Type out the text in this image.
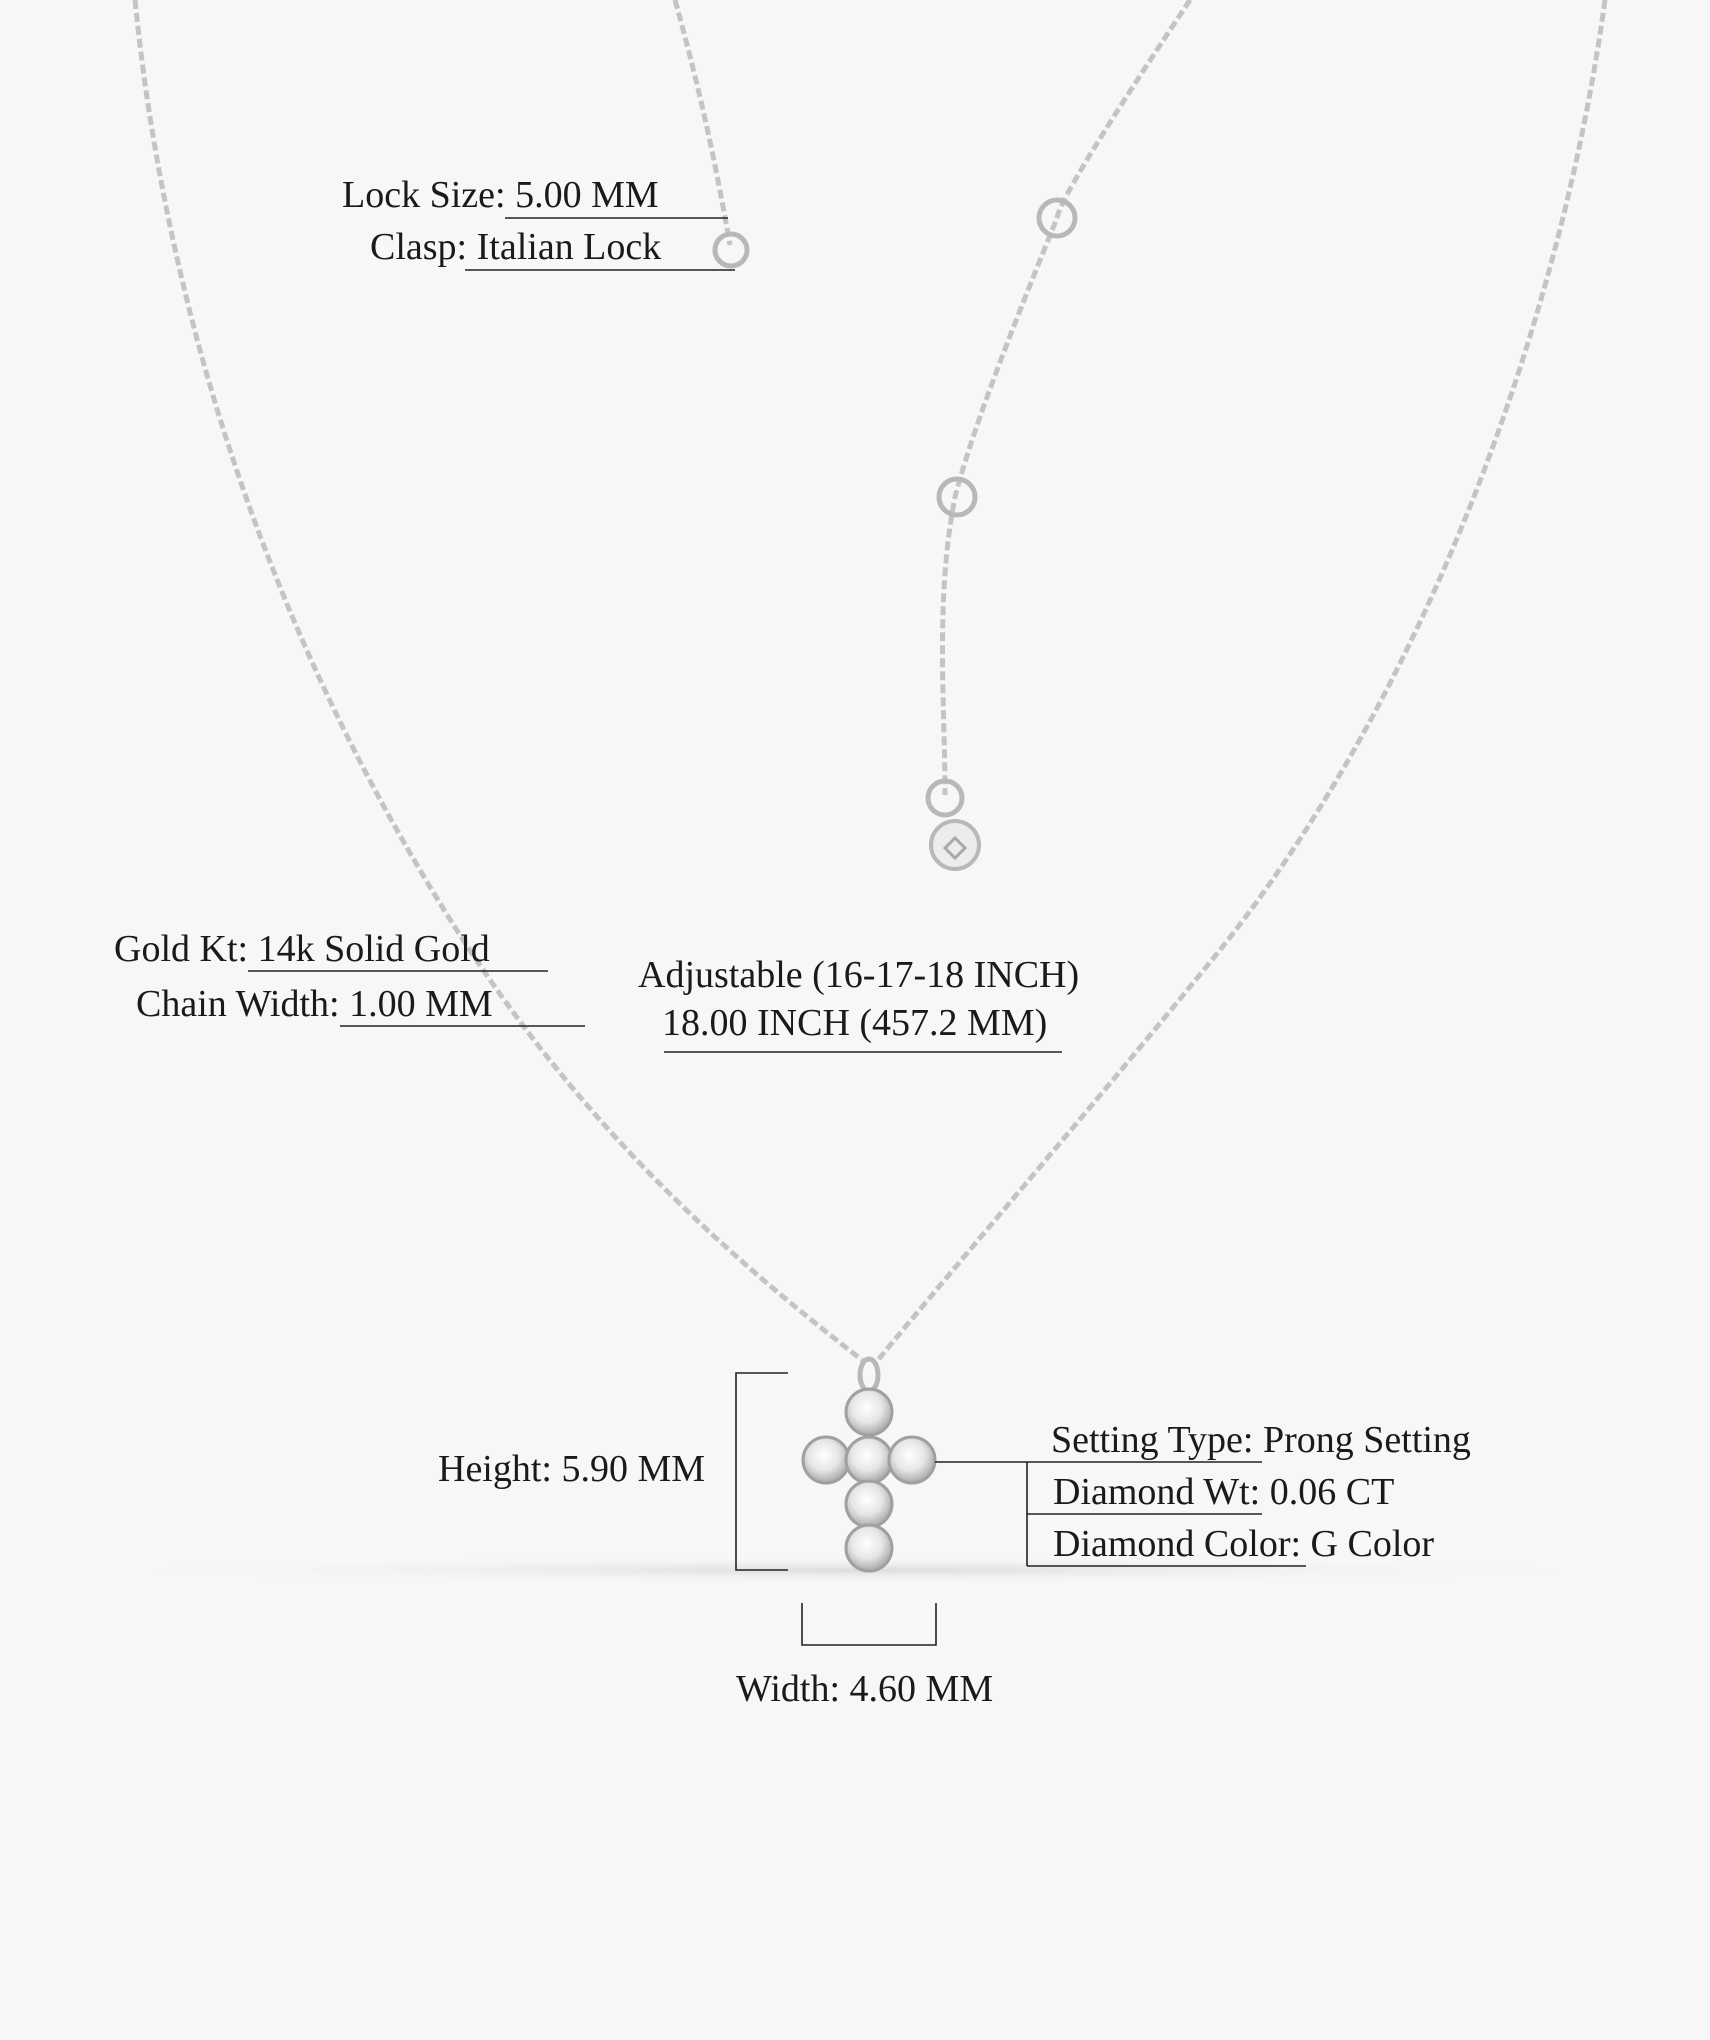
Lock Size: 5.00 MM
Clasp: Italian Lock
Gold Kt: 14k Solid Gold
Chain Width: 1.00 MM
Adjustable (16-17-18 INCH)
18.00 INCH (457.2 MM)
Height: 5.90 MM
Width: 4.60 MM
Setting Type: Prong Setting
Diamond Wt: 0.06 CT
Diamond Color: G Color
